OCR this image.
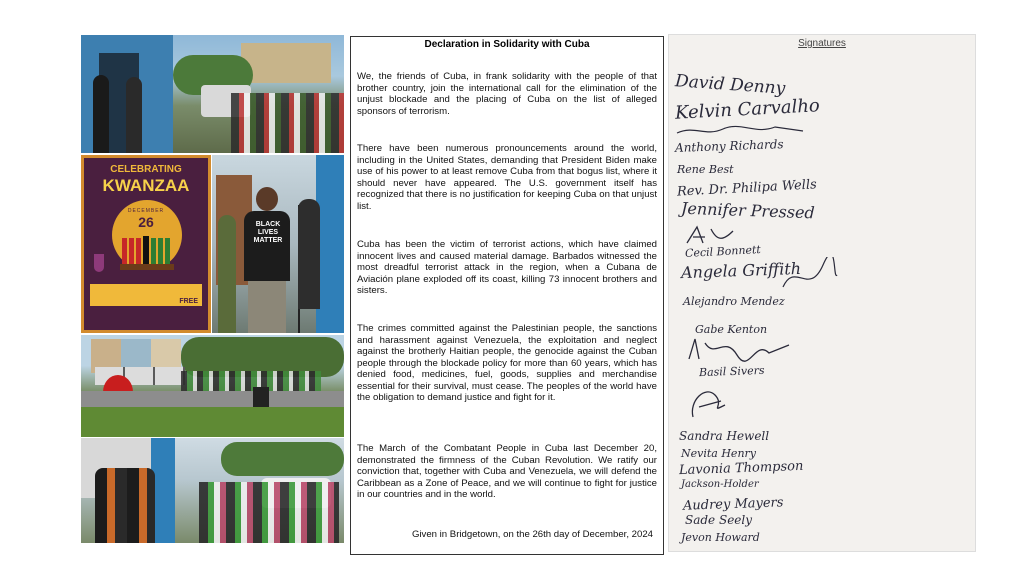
CELEBRATING
KWANZAA
DECEMBER
26
FREE
BLACK
LIVES
MATTER
Declaration in Solidarity with Cuba
We, the friends of Cuba, in frank solidarity with the people of that brother country, join the international call for the elimination of the unjust blockade and the placing of Cuba on the list of alleged sponsors of terrorism.
There have been numerous pronouncements around the world, including in the United States, demanding that President Biden make use of his power to at least remove Cuba from that bogus list, where it should never have appeared. The U.S. government itself has recognized that there is no justification for keeping Cuba on that unjust list.
Cuba has been the victim of terrorist actions, which have claimed innocent lives and caused material damage. Barbados witnessed the most dreadful terrorist attack in the region, when a Cubana de Aviación plane exploded off its coast, killing 73 innocent brothers and sisters.
The crimes committed against the Palestinian people, the sanctions and harassment against Venezuela, the exploitation and neglect against the brotherly Haitian people, the genocide against the Cuban people through the blockade policy for more than 60 years, which has denied food, medicines, fuel, goods, supplies and merchandise essential for their survival, must cease. The peoples of the world have the obligation to demand justice and fight for it.
The March of the Combatant People in Cuba last December 20, demonstrated the firmness of the Cuban Revolution. We ratify our conviction that, together with Cuba and Venezuela, we will defend the Caribbean as a Zone of Peace, and we will continue to fight for justice in our countries and in the world.
Given in Bridgetown, on the 26th day of December, 2024
Signatures
David Denny
Kelvin Carvalho
Anthony Richards
Rene Best
Rev. Dr. Philipa Wells
Jennifer Pressed
Cecil Bonnett
Angela Griffith
Alejandro Mendez
Gabe Kenton
Basil Sivers
Sandra Hewell
Nevita Henry
Lavonia Thompson
Jackson-Holder
Audrey Mayers
Sade Seely
Jevon Howard
